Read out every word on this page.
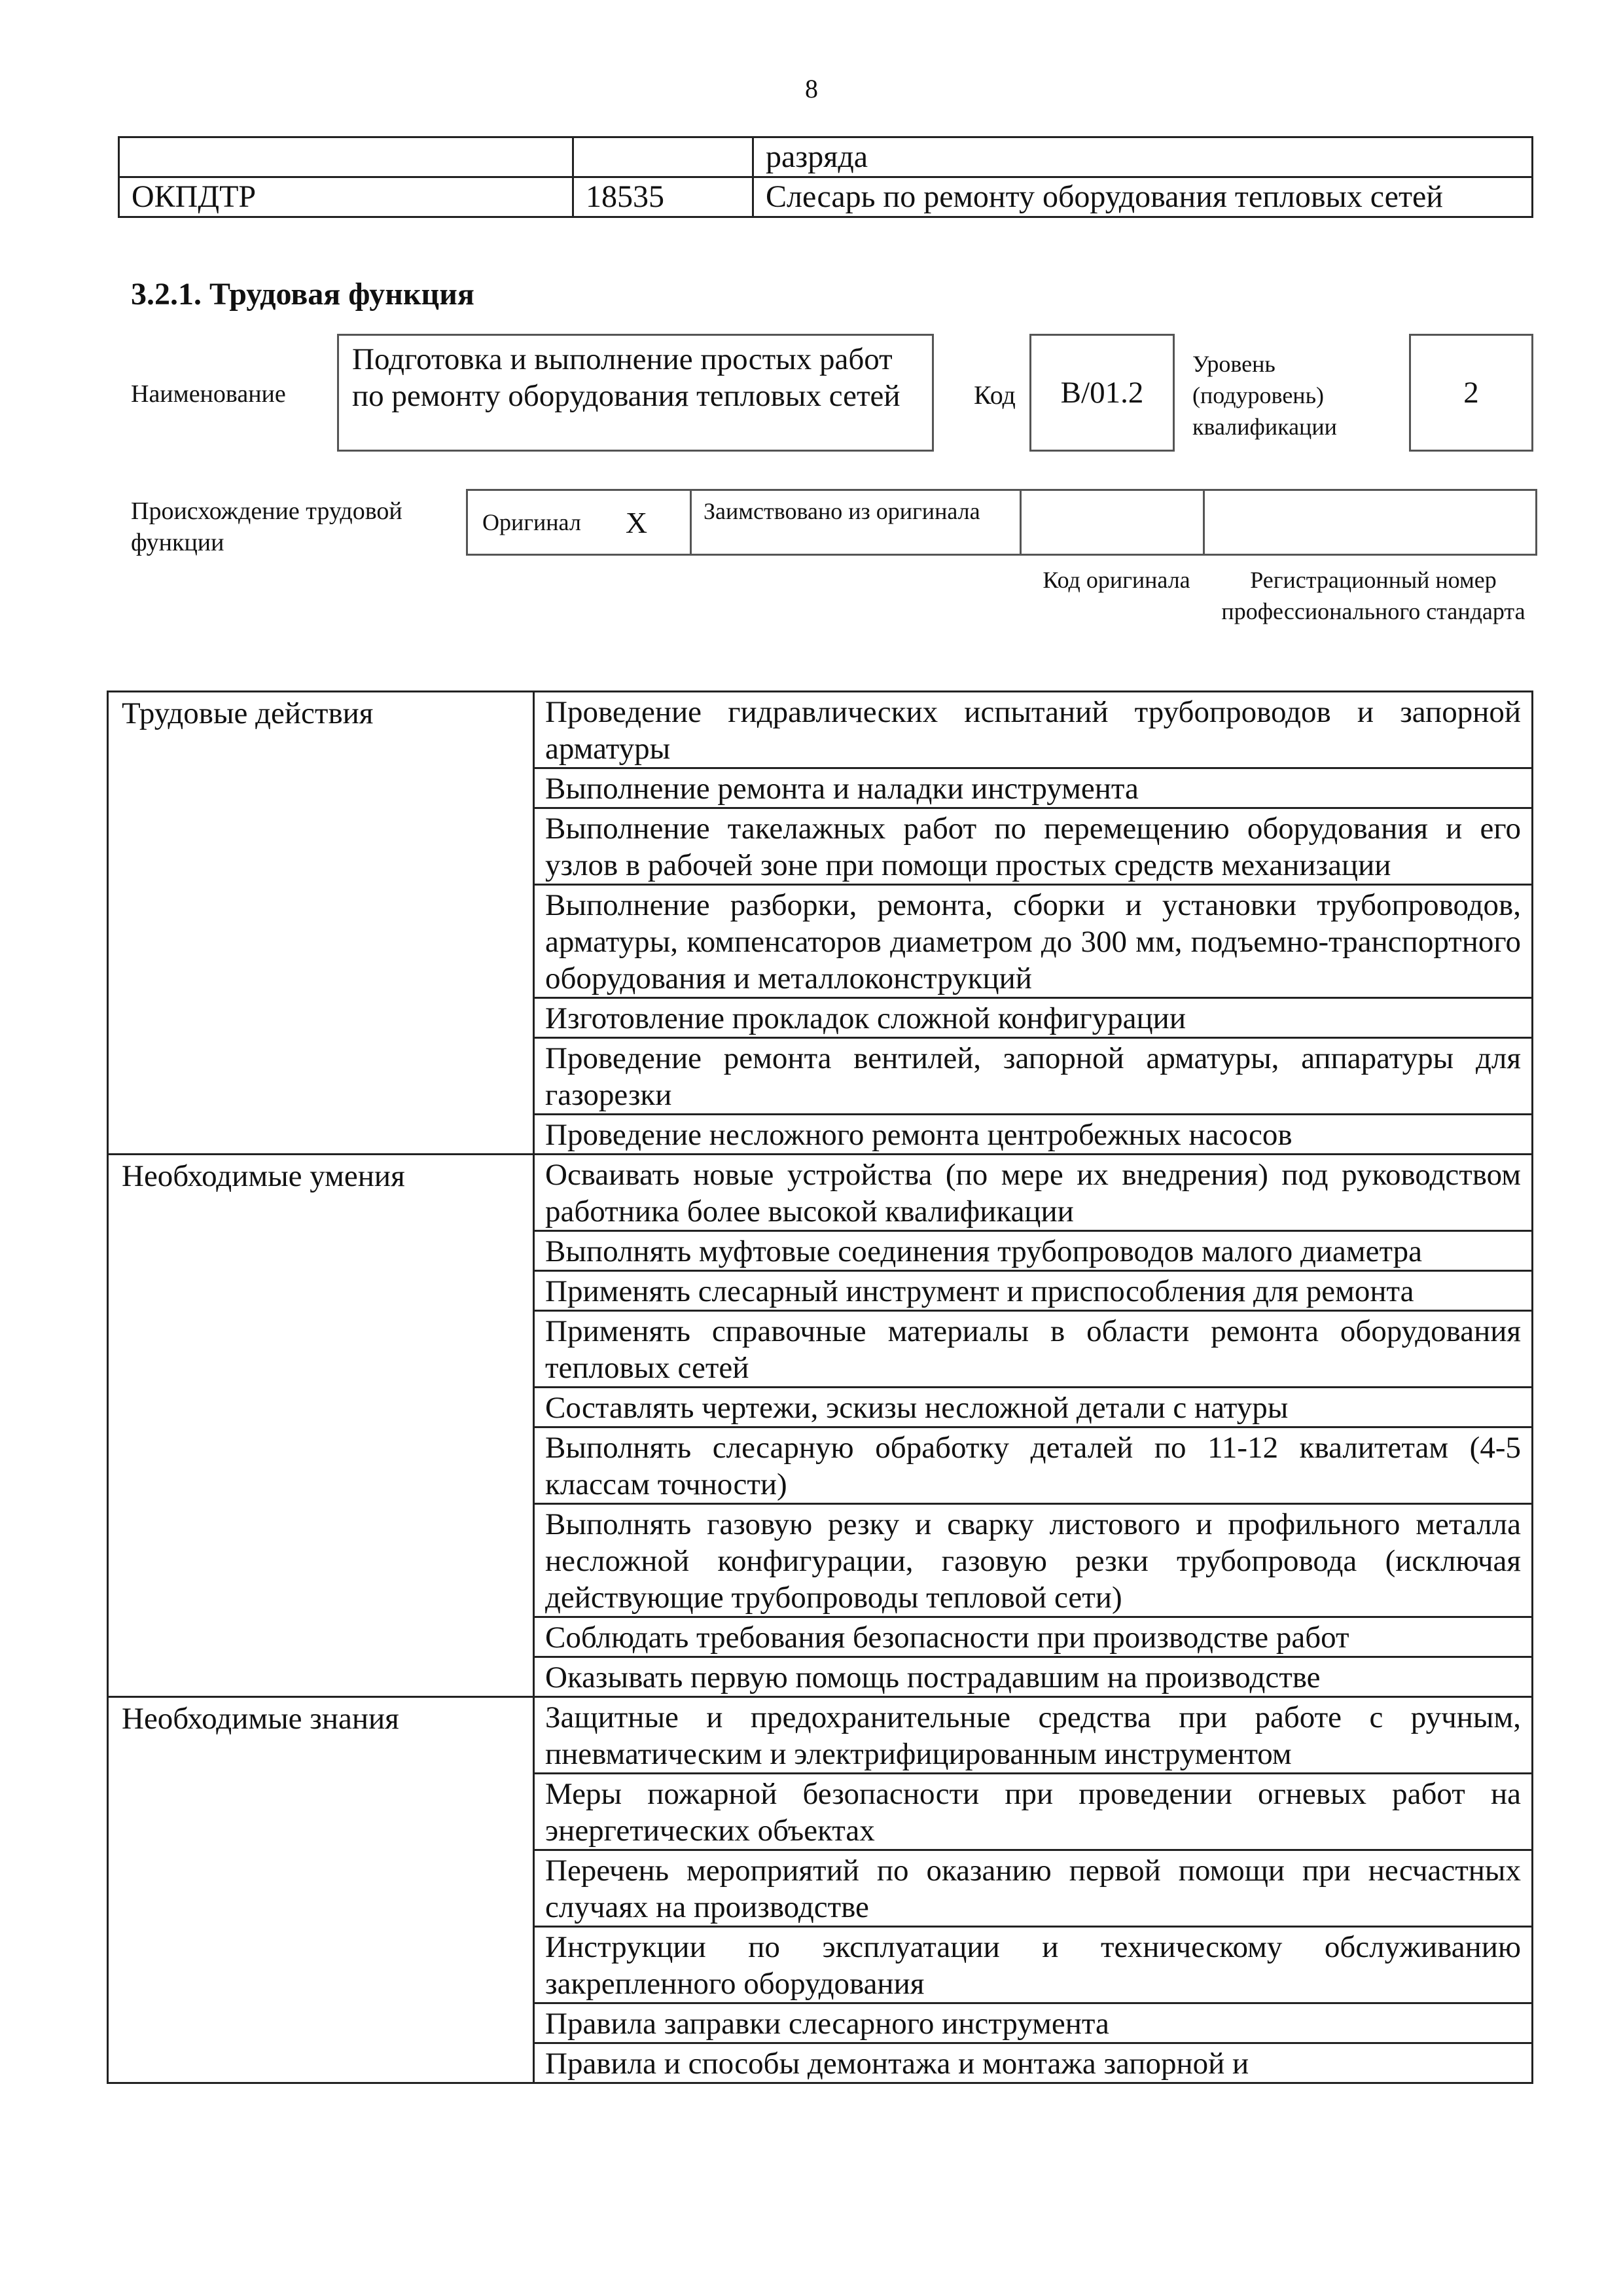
8
		разряда
ОКПДТР	18535	Слесарь по ремонту оборудования тепловых сетей
3.2.1. Трудовая функция
Наименование
Подготовка и выполнение простых работ по ремонту оборудования тепловых сетей	Код	B/01.2
Уровень (подуровень) квалификации
2
Происхождение трудовой функции
Оригинал X	Заимствовано из оригинала
Код оригинала	Регистрационный номер профессионального стандарта
Трудовые действия	Проведение гидравлических испытаний трубопроводов и запорной арматуры
	Выполнение ремонта и наладки инструмента
	Выполнение такелажных работ по перемещению оборудования и его узлов в рабочей зоне при помощи простых средств механизации
	Выполнение разборки, ремонта, сборки и установки трубопроводов, арматуры, компенсаторов диаметром до 300 мм, подъемно-транспортного оборудования и металлоконструкций
	Изготовление прокладок сложной конфигурации
	Проведение ремонта вентилей, запорной арматуры, аппаратуры для газорезки
	Проведение несложного ремонта центробежных насосов
Необходимые умения	Осваивать новые устройства (по мере их внедрения) под руководством работника более высокой квалификации
	Выполнять муфтовые соединения трубопроводов малого диаметра
	Применять слесарный инструмент и приспособления для ремонта
	Применять справочные материалы в области ремонта оборудования тепловых сетей
	Составлять чертежи, эскизы несложной детали с натуры
	Выполнять слесарную обработку деталей по 11-12 квалитетам (4-5 классам точности)
	Выполнять газовую резку и сварку листового и профильного металла несложной конфигурации, газовую резки трубопровода (исключая действующие трубопроводы тепловой сети)
	Соблюдать требования безопасности при производстве работ
	Оказывать первую помощь пострадавшим на производстве
Необходимые знания	Защитные и предохранительные средства при работе с ручным, пневматическим и электрифицированным инструментом
	Меры пожарной безопасности при проведении огневых работ на энергетических объектах
	Перечень мероприятий по оказанию первой помощи при несчастных случаях на производстве
	Инструкции по эксплуатации и техническому обслуживанию закрепленного оборудования
	Правила заправки слесарного инструмента
	Правила и способы демонтажа и монтажа запорной и
